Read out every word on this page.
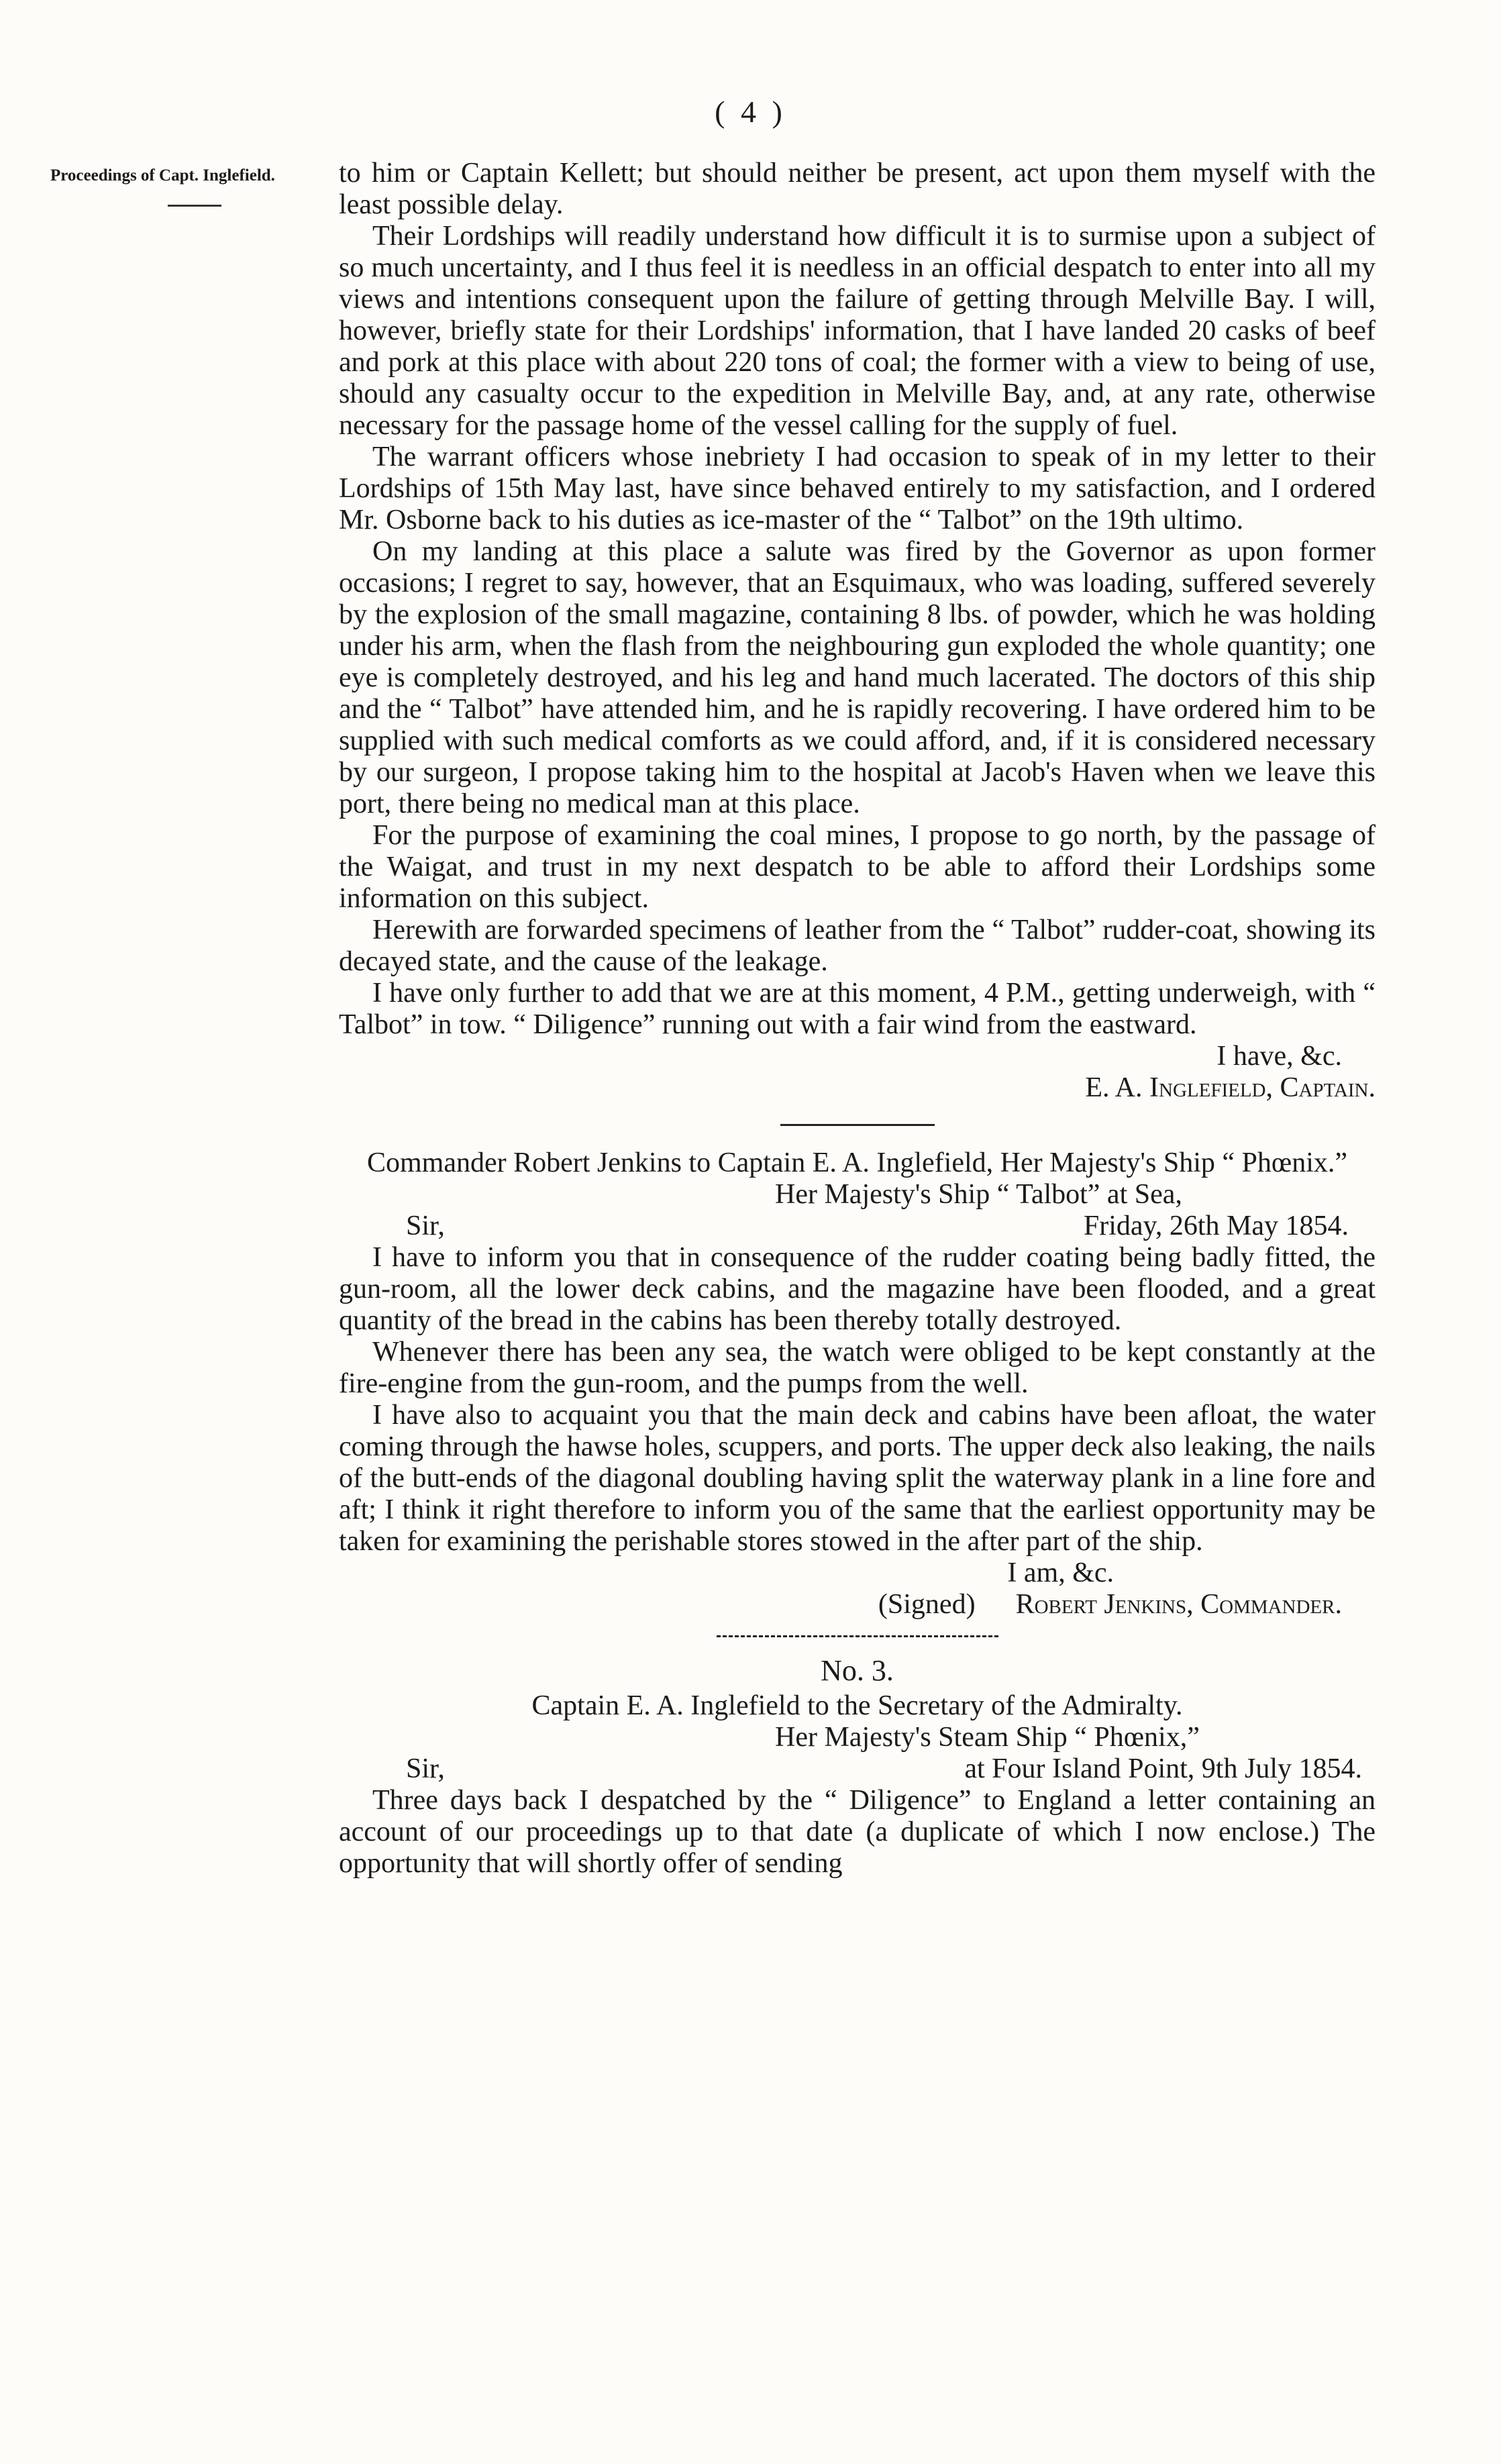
( 4 )
Proceedings of Capt. Inglefield. to him or Captain Kellett; but should neither be present, act upon them myself with the least possible delay.

Their Lordships will readily understand how difficult it is to surmise upon a subject of so much uncertainty, and I thus feel it is needless in an official despatch to enter into all my views and intentions consequent upon the failure of getting through Melville Bay. I will, however, briefly state for their Lordships' information, that I have landed 20 casks of beef and pork at this place with about 220 tons of coal; the former with a view to being of use, should any casualty occur to the expedition in Melville Bay, and, at any rate, otherwise necessary for the passage home of the vessel calling for the supply of fuel.

The warrant officers whose inebriety I had occasion to speak of in my letter to their Lordships of 15th May last, have since behaved entirely to my satisfaction, and I ordered Mr. Osborne back to his duties as ice-master of the “ Talbot” on the 19th ultimo.

On my landing at this place a salute was fired by the Governor as upon former occasions; I regret to say, however, that an Esquimaux, who was loading, suffered severely by the explosion of the small magazine, containing 8 lbs. of powder, which he was holding under his arm, when the flash from the neighbouring gun exploded the whole quantity; one eye is completely destroyed, and his leg and hand much lacerated. The doctors of this ship and the “ Talbot” have attended him, and he is rapidly recovering. I have ordered him to be supplied with such medical comforts as we could afford, and, if it is considered necessary by our surgeon, I propose taking him to the hospital at Jacob's Haven when we leave this port, there being no medical man at this place.

For the purpose of examining the coal mines, I propose to go north, by the passage of the Waigat, and trust in my next despatch to be able to afford their Lordships some information on this subject.

Herewith are forwarded specimens of leather from the “ Talbot” rudder-coat, showing its decayed state, and the cause of the leakage.

I have only further to add that we are at this moment, 4 P.M., getting underweigh, with “ Talbot” in tow. “ Diligence” running out with a fair wind from the eastward.

I have, &c.
E. A. Inglefield, Captain.
Commander Robert Jenkins to Captain E. A. Inglefield, Her Majesty's Ship “ Phœnix.”
Her Majesty's Ship “ Talbot” at Sea,
Sir,	Friday, 26th May 1854.

I have to inform you that in consequence of the rudder coating being badly fitted, the gun-room, all the lower deck cabins, and the magazine have been flooded, and a great quantity of the bread in the cabins has been thereby totally destroyed.

Whenever there has been any sea, the watch were obliged to be kept constantly at the fire-engine from the gun-room, and the pumps from the well.

I have also to acquaint you that the main deck and cabins have been afloat, the water coming through the hawse holes, scuppers, and ports. The upper deck also leaking, the nails of the butt-ends of the diagonal doubling having split the waterway plank in a line fore and aft; I think it right therefore to inform you of the same that the earliest opportunity may be taken for examining the perishable stores stowed in the after part of the ship.

I am, &c.
(Signed) Robert Jenkins, Commander.
No. 3.
Captain E. A. Inglefield to the Secretary of the Admiralty.
Her Majesty's Steam Ship “ Phœnix,”
Sir,	at Four Island Point, 9th July 1854.

Three days back I despatched by the “ Diligence” to England a letter containing an account of our proceedings up to that date (a duplicate of which I now enclose.) The opportunity that will shortly offer of sending
